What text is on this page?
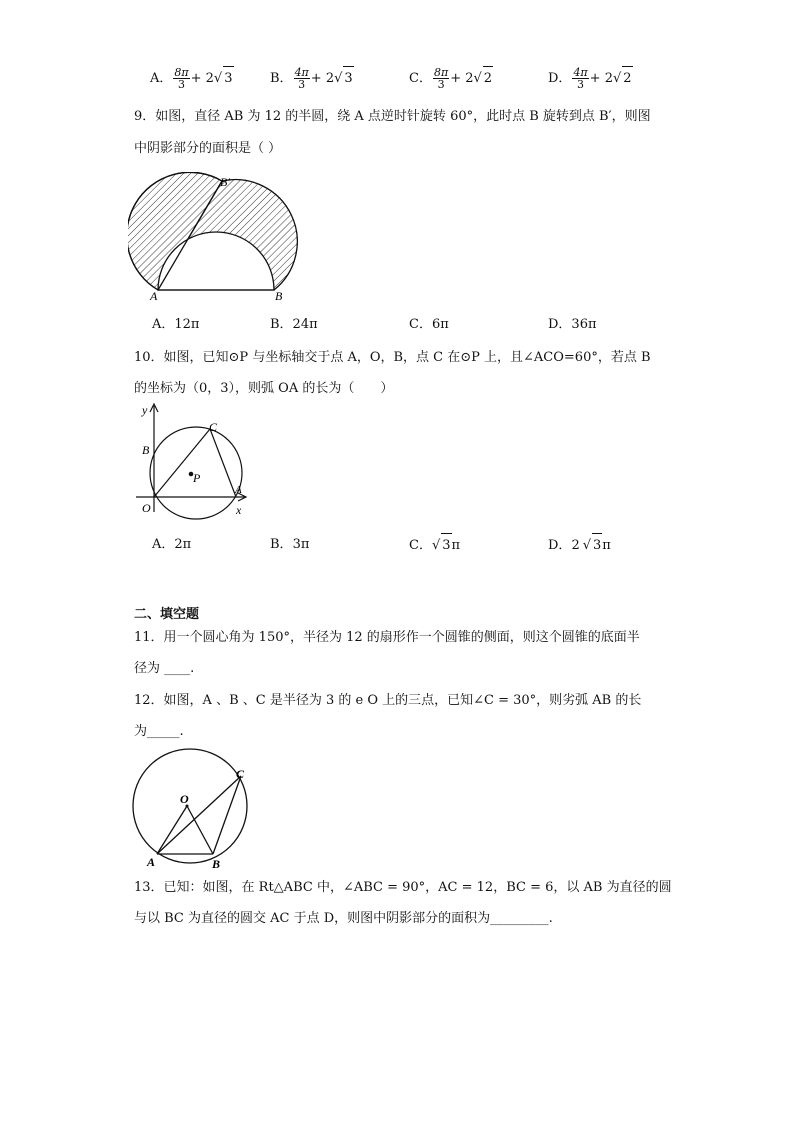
A． $\frac{8\pi}{3} + 2$ √ 3	B． $\frac{4\pi}{3} + 2$ √ 3	C． $\frac{8\pi}{3} + 2$ √ 2	D． $\frac{4\pi}{3} + 2$ √ 2
9．如图，直径 AB 为 12 的半圆，绕 A 点逆时针旋转 60°，此时点 B 旋转到点 B′，则图
中阴影部分的面积是（ ）
A	B
B′
A．12π	B．24π	C．6π	D．36π
10．如图，已知⊙P 与坐标轴交于点 A，O，B，点 C 在⊙P 上，且∠ACO=60°，若点 B
的坐标为（0，3），则弧 OA 的长为（　　）
y
x
B
C
P
O
A
A． 2π	B． 3π	C． √ 3 π	D． 2 √ 3 π
二、填空题
11．用一个圆心角为 150°，半径为 12 的扇形作一个圆锥的侧面，则这个圆锥的底面半
径为 ____.
12．如图，A 、B 、C 是半径为 3 的 e O 上的三点，已知∠C = 30°，则劣弧 AB 的长
为_____.
O
A	B
C
13．已知：如图，在 Rt△ABC 中，∠ABC = 90°，AC = 12，BC = 6，以 AB 为直径的圆
与以 BC 为直径的圆交 AC 于点 D，则图中阴影部分的面积为_________.
